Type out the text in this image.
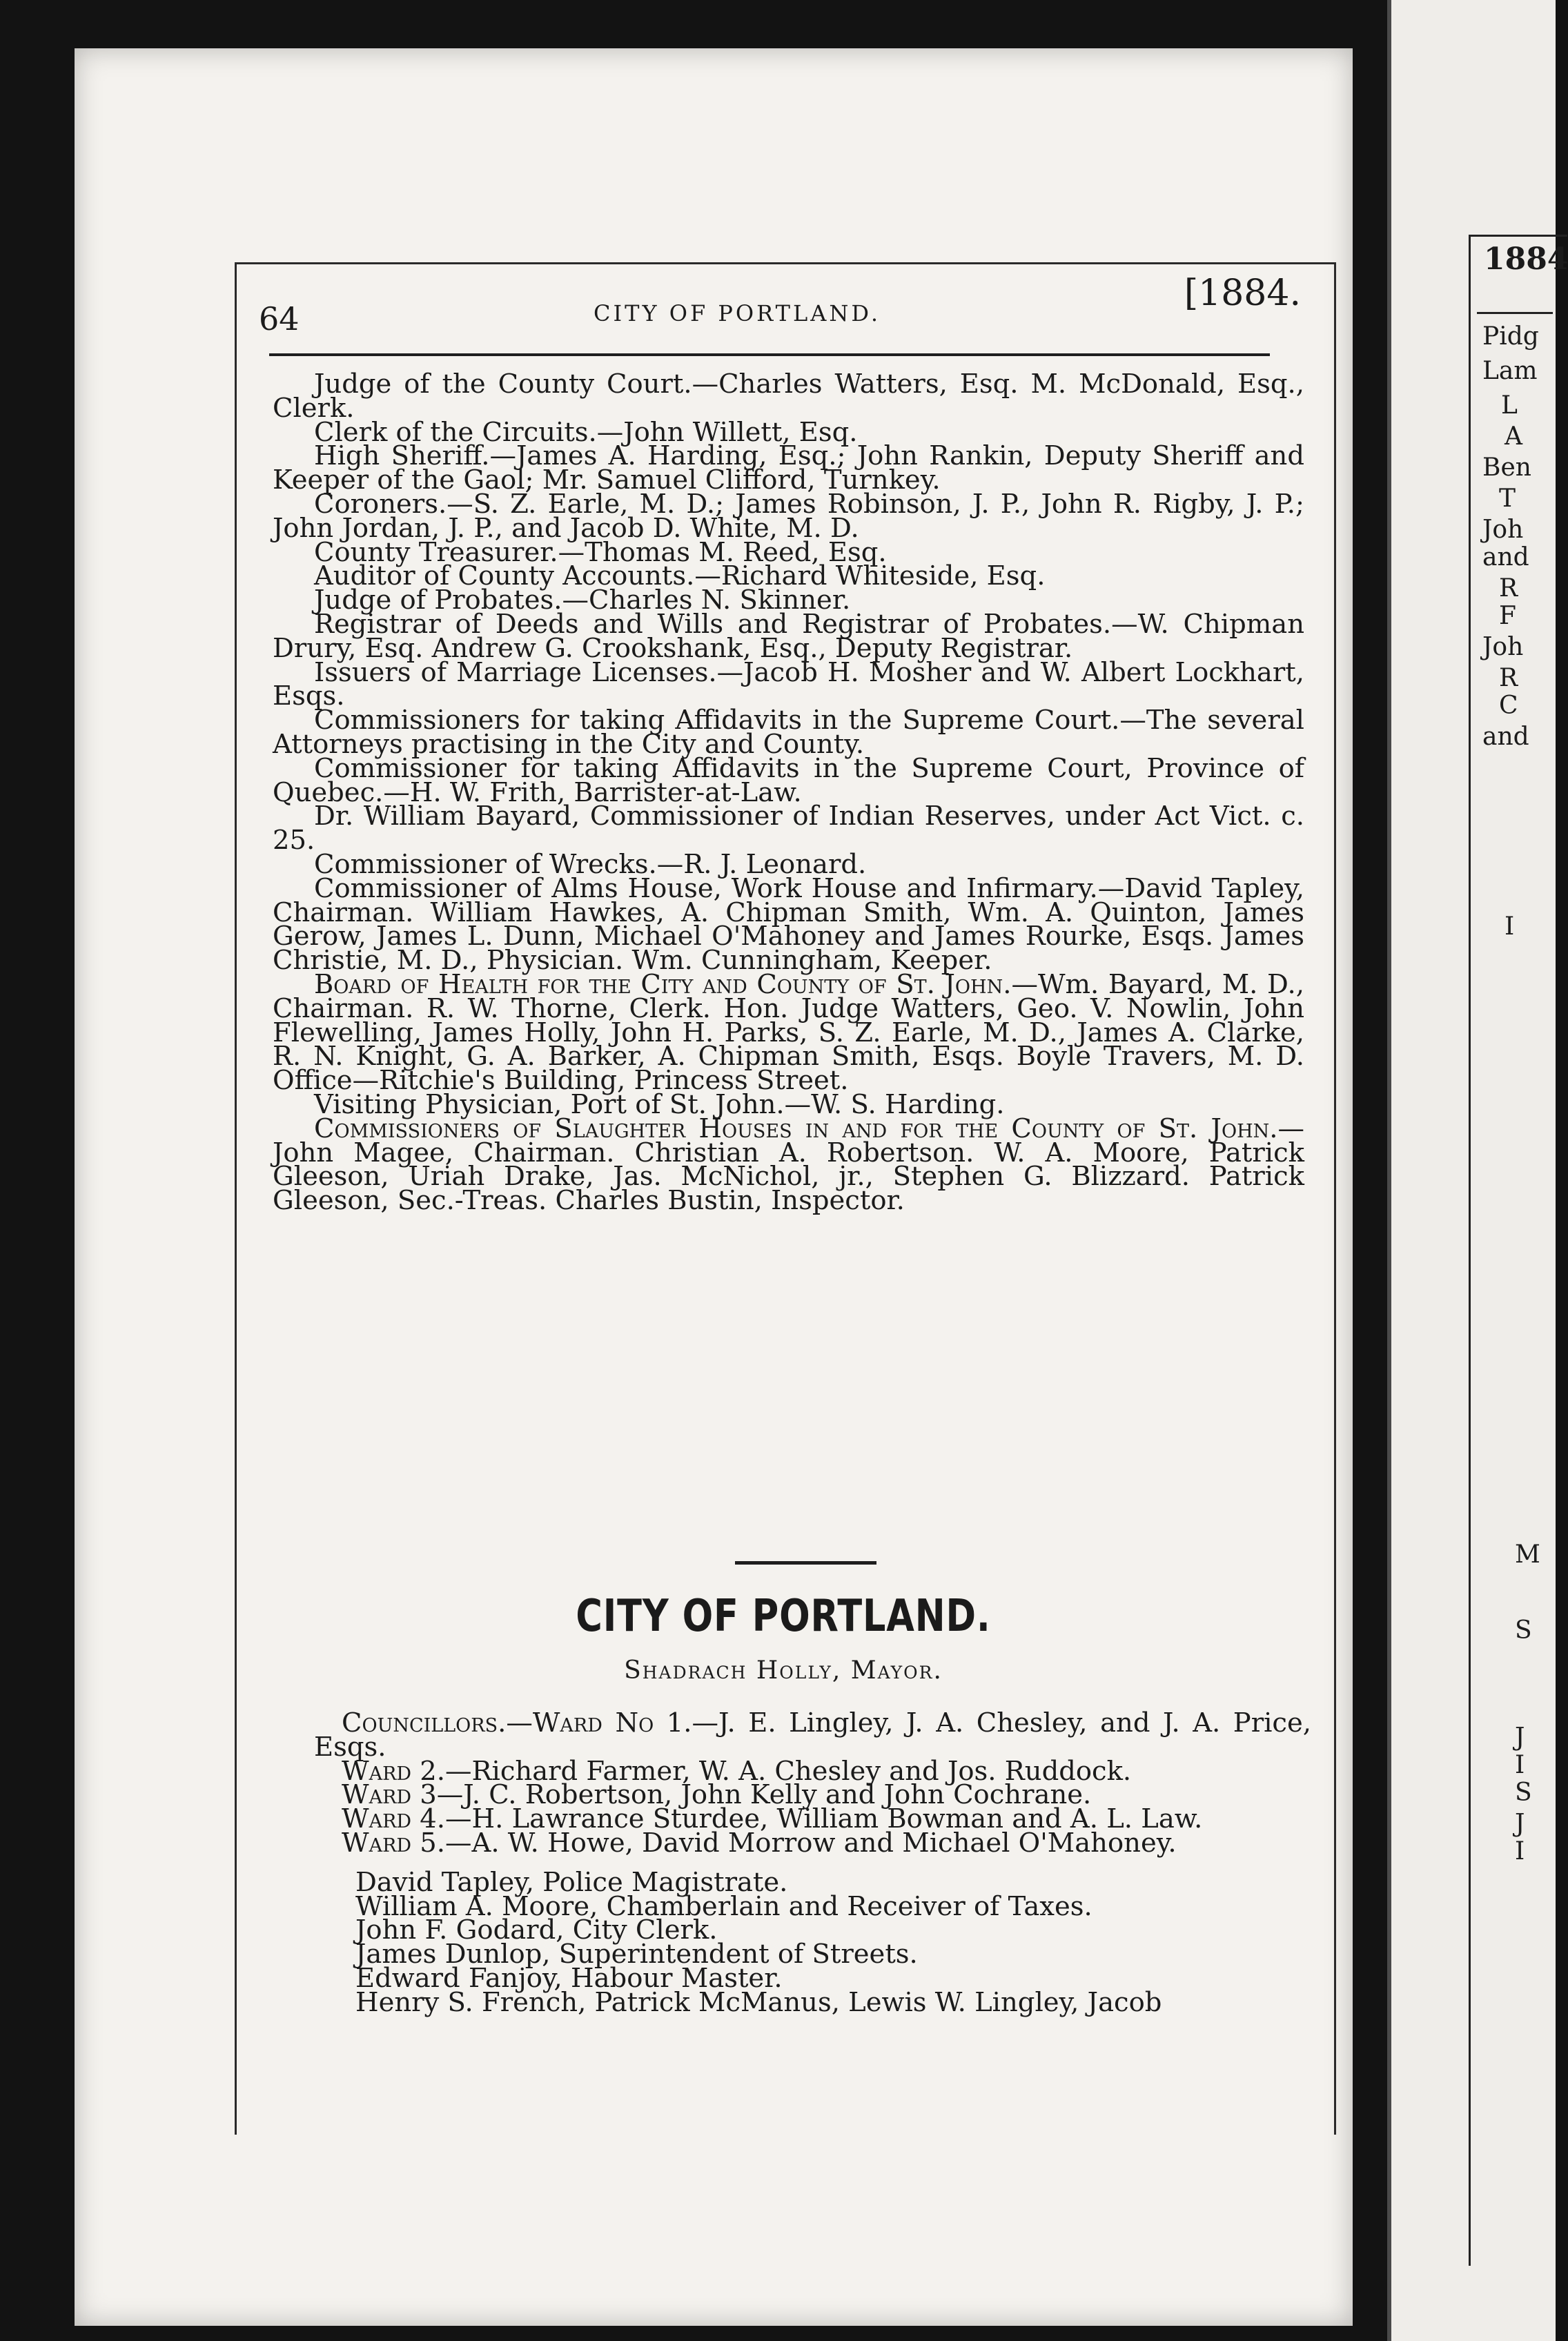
1884
Pidg
Lam
L
A
Ben
T
Joh
and
R
F
Joh
R
C
and
I
M
S
J
I
S
J
I
64	CITY OF PORTLAND.	[1884.

Judge of the County Court.—Charles Watters, Esq. M. McDonald, Esq., Clerk.

Clerk of the Circuits.—John Willett, Esq.

High Sheriff.—James A. Harding, Esq.; John Rankin, Deputy Sheriff and Keeper of the Gaol; Mr. Samuel Clifford, Turnkey.

Coroners.—S. Z. Earle, M. D.; James Robinson, J. P., John R. Rigby, J. P.; John Jordan, J. P., and Jacob D. White, M. D.

County Treasurer.—Thomas M. Reed, Esq.

Auditor of County Accounts.—Richard Whiteside, Esq.

Judge of Probates.—Charles N. Skinner.

Registrar of Deeds and Wills and Registrar of Probates.—W. Chipman Drury, Esq. Andrew G. Crookshank, Esq., Deputy Registrar.

Issuers of Marriage Licenses.—Jacob H. Mosher and W. Albert Lockhart, Esqs.

Commissioners for taking Affidavits in the Supreme Court.—The several Attorneys practising in the City and County.

Commissioner for taking Affidavits in the Supreme Court, Province of Quebec.—H. W. Frith, Barrister-at-Law.

Dr. William Bayard, Commissioner of Indian Reserves, under Act Vict. c. 25.

Commissioner of Wrecks.—R. J. Leonard.

Commissioner of Alms House, Work House and Infirmary.—David Tapley, Chairman. William Hawkes, A. Chipman Smith, Wm. A. Quinton, James Gerow, James L. Dunn, Michael O'Mahoney and James Rourke, Esqs. James Christie, M. D., Physician. Wm. Cunningham, Keeper.

Board of Health for the City and County of St. John.—Wm. Bayard, M. D., Chairman. R. W. Thorne, Clerk. Hon. Judge Watters, Geo. V. Nowlin, John Flewelling, James Holly, John H. Parks, S. Z. Earle, M. D., James A. Clarke, R. N. Knight, G. A. Barker, A. Chipman Smith, Esqs. Boyle Travers, M. D. Office—Ritchie's Building, Princess Street.

Visiting Physician, Port of St. John.—W. S. Harding.

Commissioners of Slaughter Houses in and for the County of St. John.—John Magee, Chairman. Christian A. Robertson. W. A. Moore, Patrick Gleeson, Uriah Drake, Jas. McNichol, jr., Stephen G. Blizzard. Patrick Gleeson, Sec.-Treas. Charles Bustin, Inspector.

CITY OF PORTLAND.
Shadrach Holly, Mayor.

Councillors.—Ward No 1.—J. E. Lingley, J. A. Chesley, and J. A. Price, Esqs.

Ward 2.—Richard Farmer, W. A. Chesley and Jos. Ruddock.

Ward 3—J. C. Robertson, John Kelly and John Cochrane.

Ward 4.—H. Lawrance Sturdee, William Bowman and A. L. Law.

Ward 5.—A. W. Howe, David Morrow and Michael O'Mahoney.

David Tapley, Police Magistrate.

William A. Moore, Chamberlain and Receiver of Taxes.

John F. Godard, City Clerk.

James Dunlop, Superintendent of Streets.

Edward Fanjoy, Habour Master.

Henry S. French, Patrick McManus, Lewis W. Lingley, Jacob
